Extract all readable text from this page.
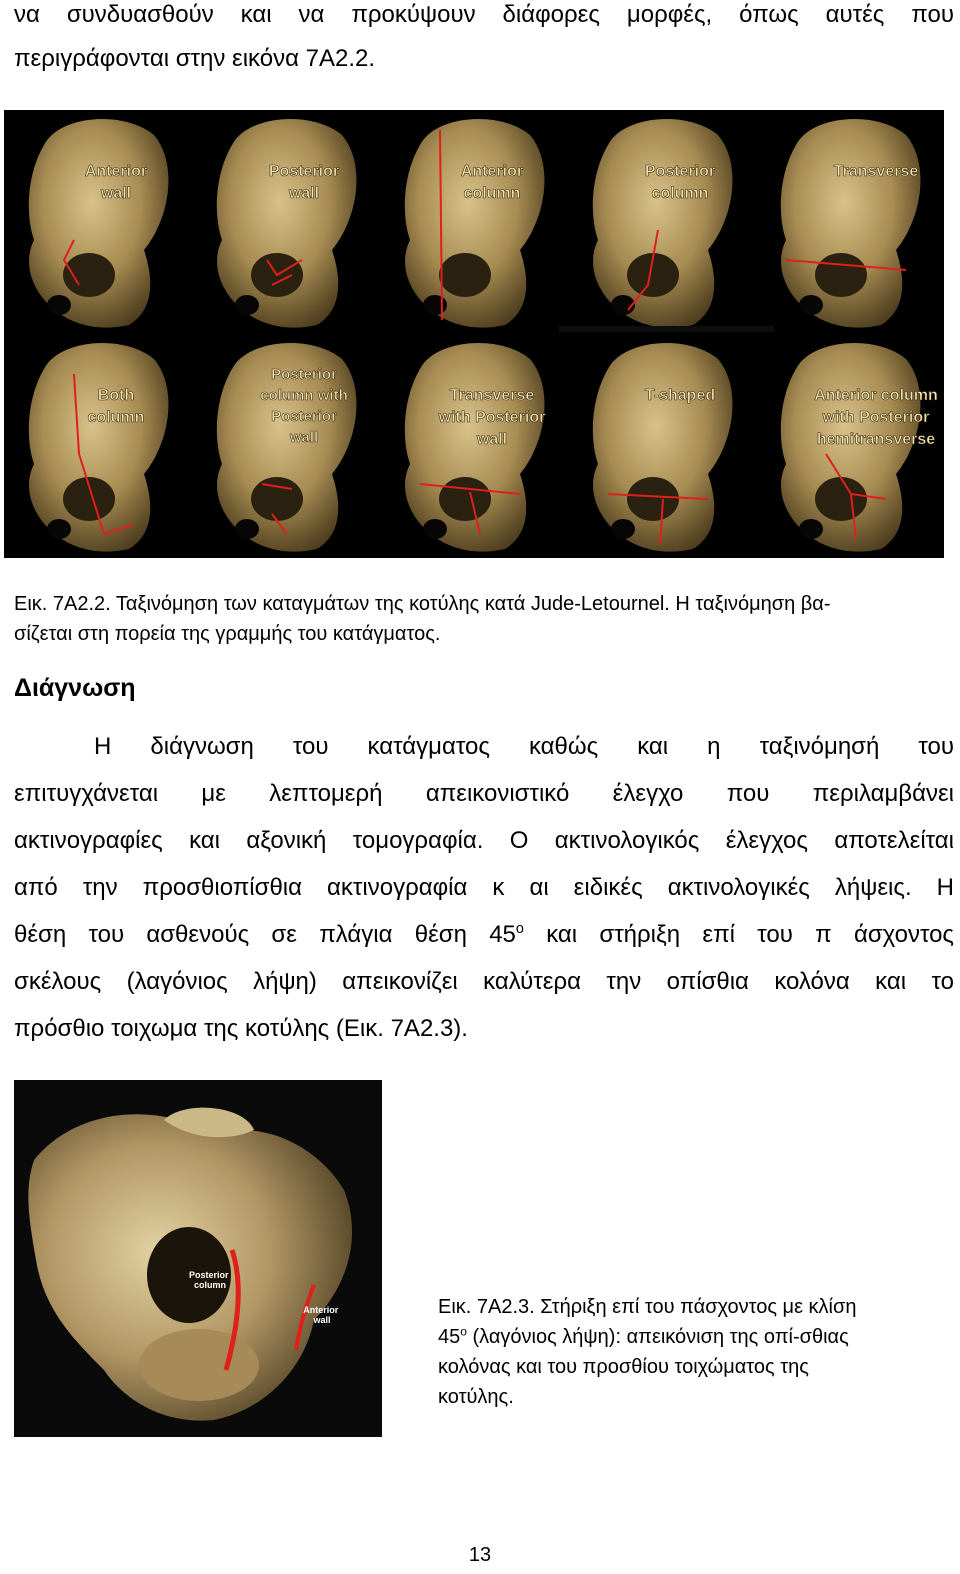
να συνδυασθούν και να προκύψουν διάφορες μορφές, όπως αυτές που
περιγράφονται στην εικόνα 7Α2.2.
Anterior wall
Posterior wall
Anterior column
Posterior column
Transverse
Both column
Posterior column with Posterior wall
Transverse with Posterior wall
T-shaped	Anterior column with Posterior hemitransverse
Εικ. 7Α2.2. Ταξινόμηση των καταγμάτων της κοτύλης κατά Jude-Letournel. Η ταξινόμηση βα-
σίζεται στη πορεία της γραμμής του κατάγματος.
Διάγνωση
Η διάγνωση του κατάγματος καθώς και η ταξινόμησή του
επιτυγχάνεται με λεπτομερή απεικονιστικό έλεγχο που περιλαμβάνει
ακτινογραφίες και αξονική τομογραφία. Ο ακτινολογικός έλεγχος αποτελείται
από την προσθιοπίσθια ακτινογραφία κ αι ειδικές ακτινολογικές λήψεις. Η
θέση του ασθενούς σε πλάγια θέση $45^o$ και στήριξη επί του π άσχοντος
σκέλους (λαγόνιος λήψη) απεικονίζει καλύτερα την οπίσθια κολόνα και το
πρόσθιο τοιχωμα της κοτύλης (Εικ. 7Α2.3).
Posterior column
Anterior wall
Εικ. 7Α2.3. Στήριξη επί του πάσχοντος με κλίση
$45^o$ (λαγόνιος λήψη): απεικόνιση της οπί-σθιας
κολόνας και του προσθίου τοιχώματος της
κοτύλης.
13
